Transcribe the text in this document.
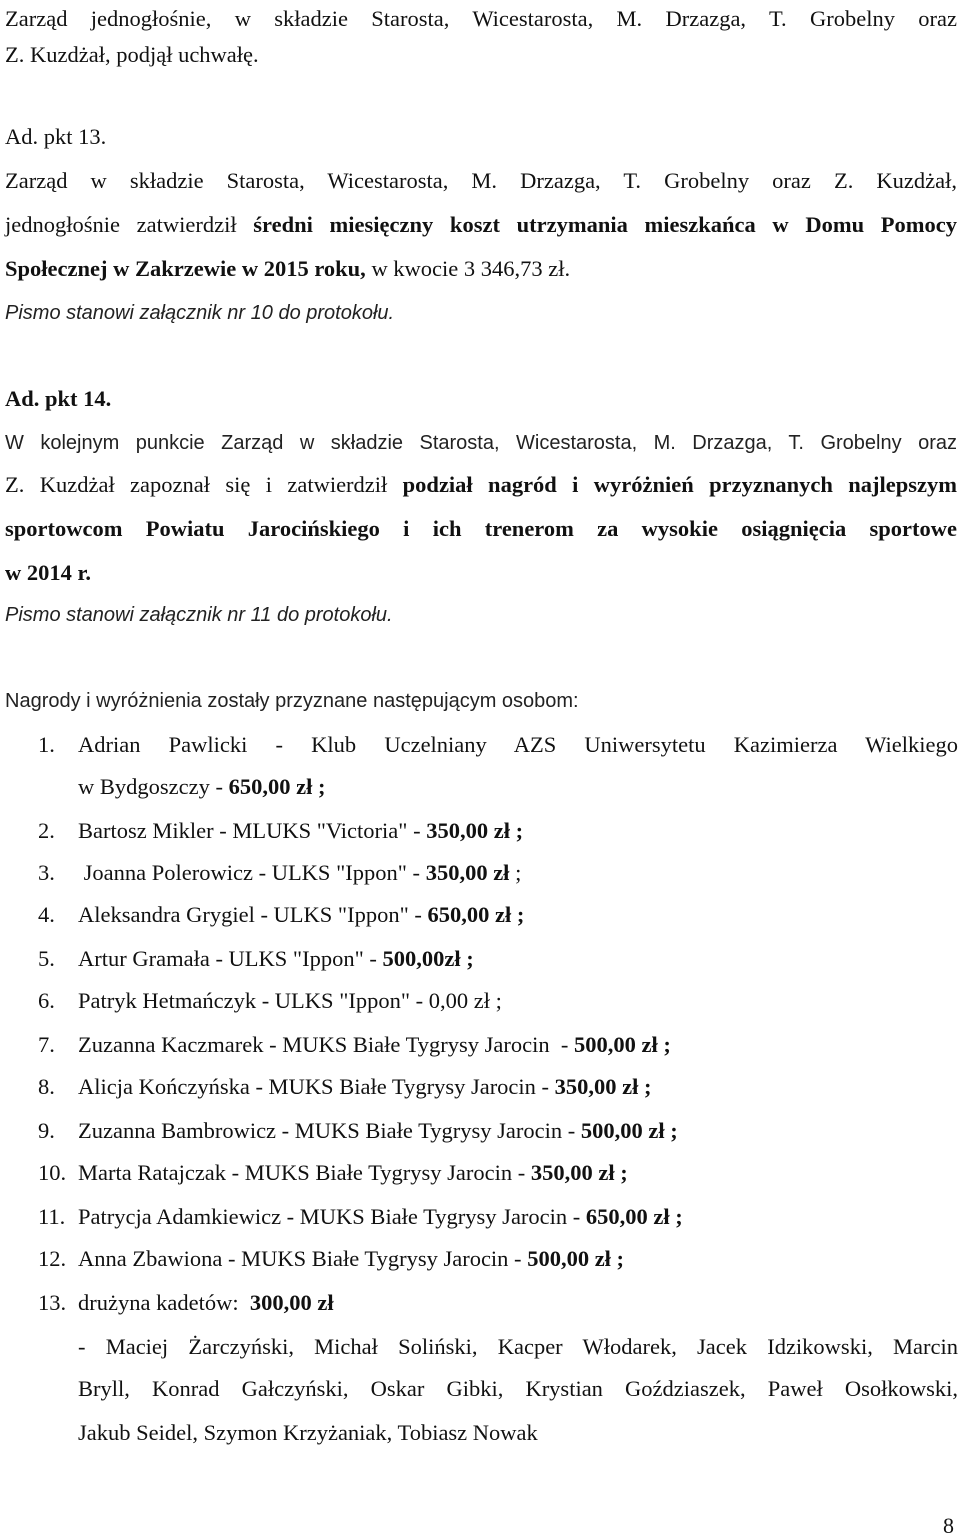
Zarząd jednogłośnie, w składzie Starosta, Wicestarosta, M. Drzazga, T. Grobelny oraz
Z. Kuzdżał, podjął uchwałę.
Ad. pkt 13.
Zarząd w składzie Starosta, Wicestarosta, M. Drzazga, T. Grobelny oraz Z. Kuzdżał,
jednogłośnie zatwierdził średni miesięczny koszt utrzymania mieszkańca w Domu Pomocy
Społecznej w Zakrzewie w 2015 roku, w kwocie 3 346,73 zł.
Pismo stanowi załącznik nr 10 do protokołu.
Ad. pkt 14.
W kolejnym punkcie Zarząd w składzie Starosta, Wicestarosta, M. Drzazga, T. Grobelny oraz
Z. Kuzdżał zapoznał się i zatwierdził podział nagród i wyróżnień przyznanych najlepszym
sportowcom Powiatu Jarocińskiego i ich trenerom za wysokie osiągnięcia sportowe
w 2014 r.
Pismo stanowi załącznik nr 11 do protokołu.
Nagrody i wyróżnienia zostały przyznane następującym osobom:
1. Adrian Pawlicki - Klub Uczelniany AZS Uniwersytetu Kazimierza Wielkiego
w Bydgoszczy - 650,00 zł ;
2. Bartosz Mikler - MLUKS "Victoria" - 350,00 zł ;
3. Joanna Polerowicz - ULKS "Ippon" - 350,00 zł ;
4. Aleksandra Grygiel - ULKS "Ippon" - 650,00 zł ;
5. Artur Gramała - ULKS "Ippon" - 500,00zł ;
6. Patryk Hetmańczyk - ULKS "Ippon" - 0,00 zł ;
7. Zuzanna Kaczmarek - MUKS Białe Tygrysy Jarocin  - 500,00 zł ;
8. Alicja Kończyńska - MUKS Białe Tygrysy Jarocin - 350,00 zł ;
9. Zuzanna Bambrowicz - MUKS Białe Tygrysy Jarocin - 500,00 zł ;
10. Marta Ratajczak - MUKS Białe Tygrysy Jarocin - 350,00 zł ;
11. Patrycja Adamkiewicz - MUKS Białe Tygrysy Jarocin - 650,00 zł ;
12. Anna Zbawiona - MUKS Białe Tygrysy Jarocin - 500,00 zł ;
13. drużyna kadetów:  300,00 zł
- Maciej Żarczyński, Michał Soliński, Kacper Włodarek, Jacek Idzikowski, Marcin
Bryll, Konrad Gałczyński, Oskar Gibki, Krystian Goździaszek, Paweł Osołkowski,
Jakub Seidel, Szymon Krzyżaniak, Tobiasz Nowak
8
